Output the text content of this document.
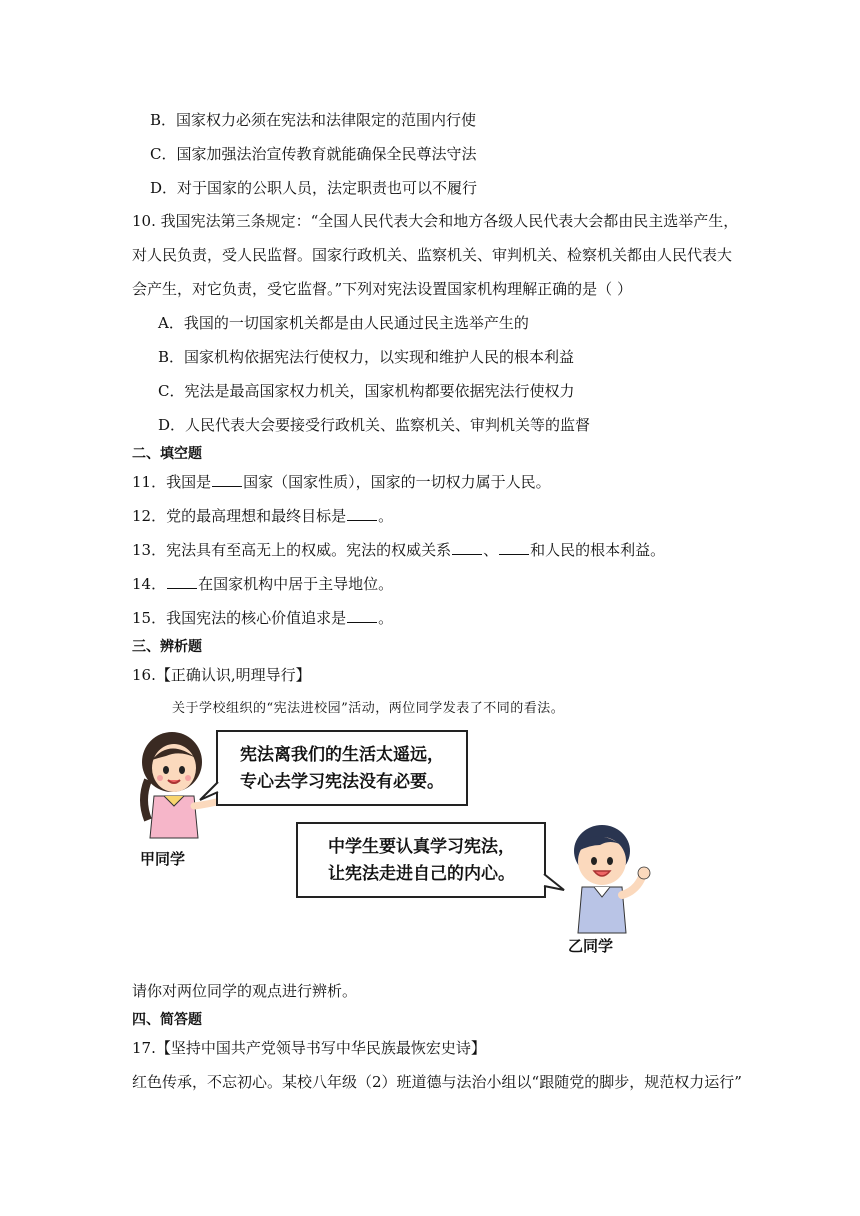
B．国家权力必须在宪法和法律限定的范围内行使
C．国家加强法治宣传教育就能确保全民尊法守法
D．对于国家的公职人员，法定职责也可以不履行
10. 我国宪法第三条规定：“全国人民代表大会和地方各级人民代表大会都由民主选举产生，
对人民负责，受人民监督。国家行政机关、监察机关、审判机关、检察机关都由人民代表大
会产生，对它负责，受它监督。”下列对宪法设置国家机构理解正确的是（ ）
A．我国的一切国家机关都是由人民通过民主选举产生的
B．国家机构依据宪法行使权力，以实现和维护人民的根本利益
C．宪法是最高国家权力机关，国家机构都要依据宪法行使权力
D．人民代表大会要接受行政机关、监察机关、审判机关等的监督
二、填空题
11．我国是 国家（国家性质），国家的一切权力属于人民。
12．党的最高理想和最终目标是 。
13．宪法具有至高无上的权威。宪法的权威关系 、 和人民的根本利益。
14． 在国家机构中居于主导地位。
15．我国宪法的核心价值追求是 。
三、辨析题
16.【正确认识,明理导行】
关于学校组织的“宪法进校园”活动，两位同学发表了不同的看法。
甲同学
宪法离我们的生活太遥远，
专心去学习宪法没有必要。
中学生要认真学习宪法，
让宪法走进自己的内心。
乙同学
请你对两位同学的观点进行辨析。
四、简答题
17.【坚持中国共产党领导书写中华民族最恢宏史诗】
红色传承，不忘初心。某校八年级（2）班道德与法治小组以“跟随党的脚步，规范权力运行”
